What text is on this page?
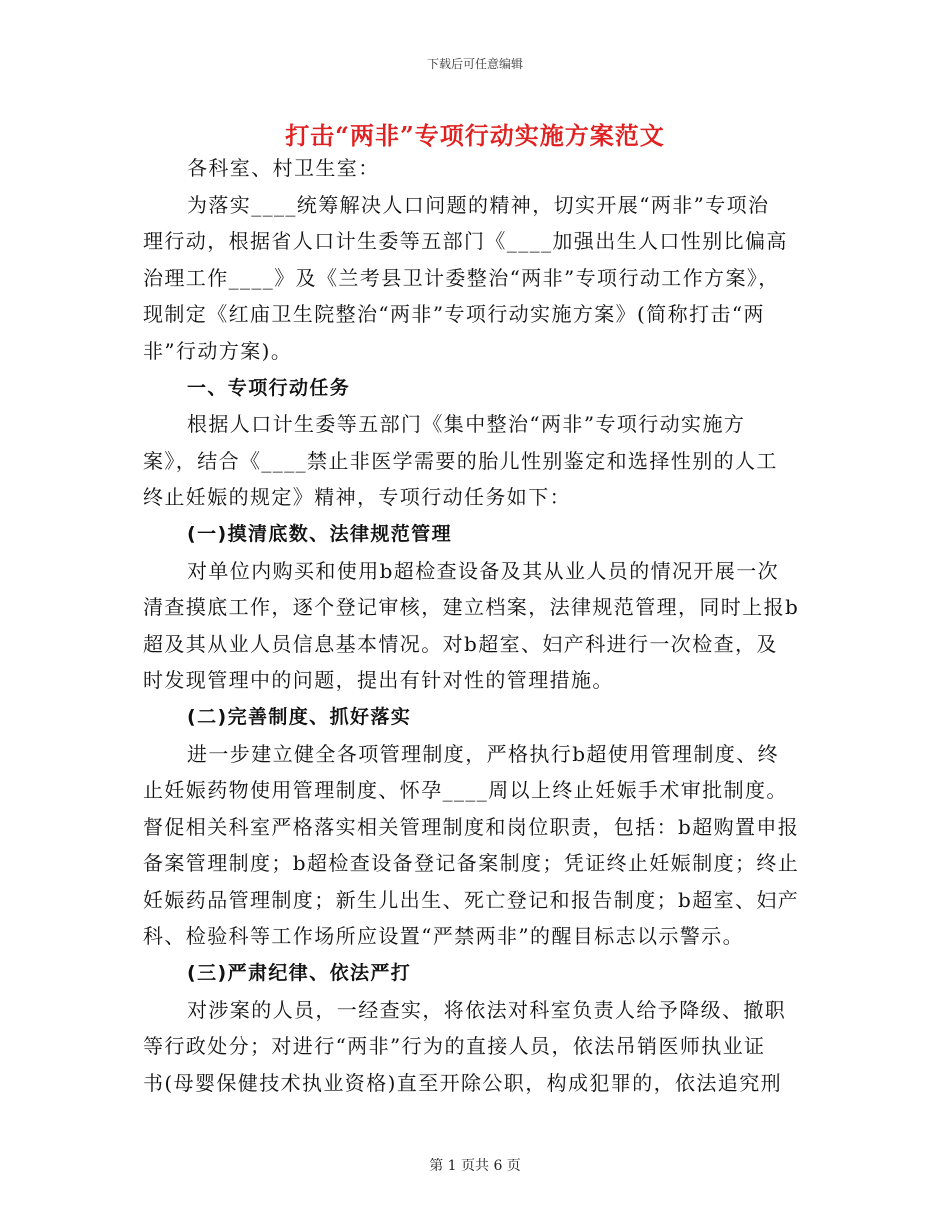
下载后可任意编辑
打击“两非”专项行动实施方案范文
各科室、村卫生室：
为落实____统筹解决人口问题的精神，切实开展“两非”专项治
理行动，根据省人口计生委等五部门《____加强出生人口性别比偏高
治理工作____》及《兰考县卫计委整治“两非”专项行动工作方案》，
现制定《红庙卫生院整治“两非”专项行动实施方案》(简称打击“两
非”行动方案)。
一、专项行动任务
根据人口计生委等五部门《集中整治“两非”专项行动实施方
案》，结合《____禁止非医学需要的胎儿性别鉴定和选择性别的人工
终止妊娠的规定》精神，专项行动任务如下：
(一)摸清底数、法律规范管理
对单位内购买和使用b超检查设备及其从业人员的情况开展一次
清查摸底工作，逐个登记审核，建立档案，法律规范管理，同时上报b
超及其从业人员信息基本情况。对b超室、妇产科进行一次检查，及
时发现管理中的问题，提出有针对性的管理措施。
(二)完善制度、抓好落实
进一步建立健全各项管理制度，严格执行b超使用管理制度、终
止妊娠药物使用管理制度、怀孕____周以上终止妊娠手术审批制度。
督促相关科室严格落实相关管理制度和岗位职责，包括：b超购置申报
备案管理制度；b超检查设备登记备案制度；凭证终止妊娠制度；终止
妊娠药品管理制度；新生儿出生、死亡登记和报告制度；b超室、妇产
科、检验科等工作场所应设置“严禁两非”的醒目标志以示警示。
(三)严肃纪律、依法严打
对涉案的人员，一经查实，将依法对科室负责人给予降级、撤职
等行政处分；对进行“两非”行为的直接人员，依法吊销医师执业证
书(母婴保健技术执业资格)直至开除公职，构成犯罪的，依法追究刑
第 1 页共 6 页
